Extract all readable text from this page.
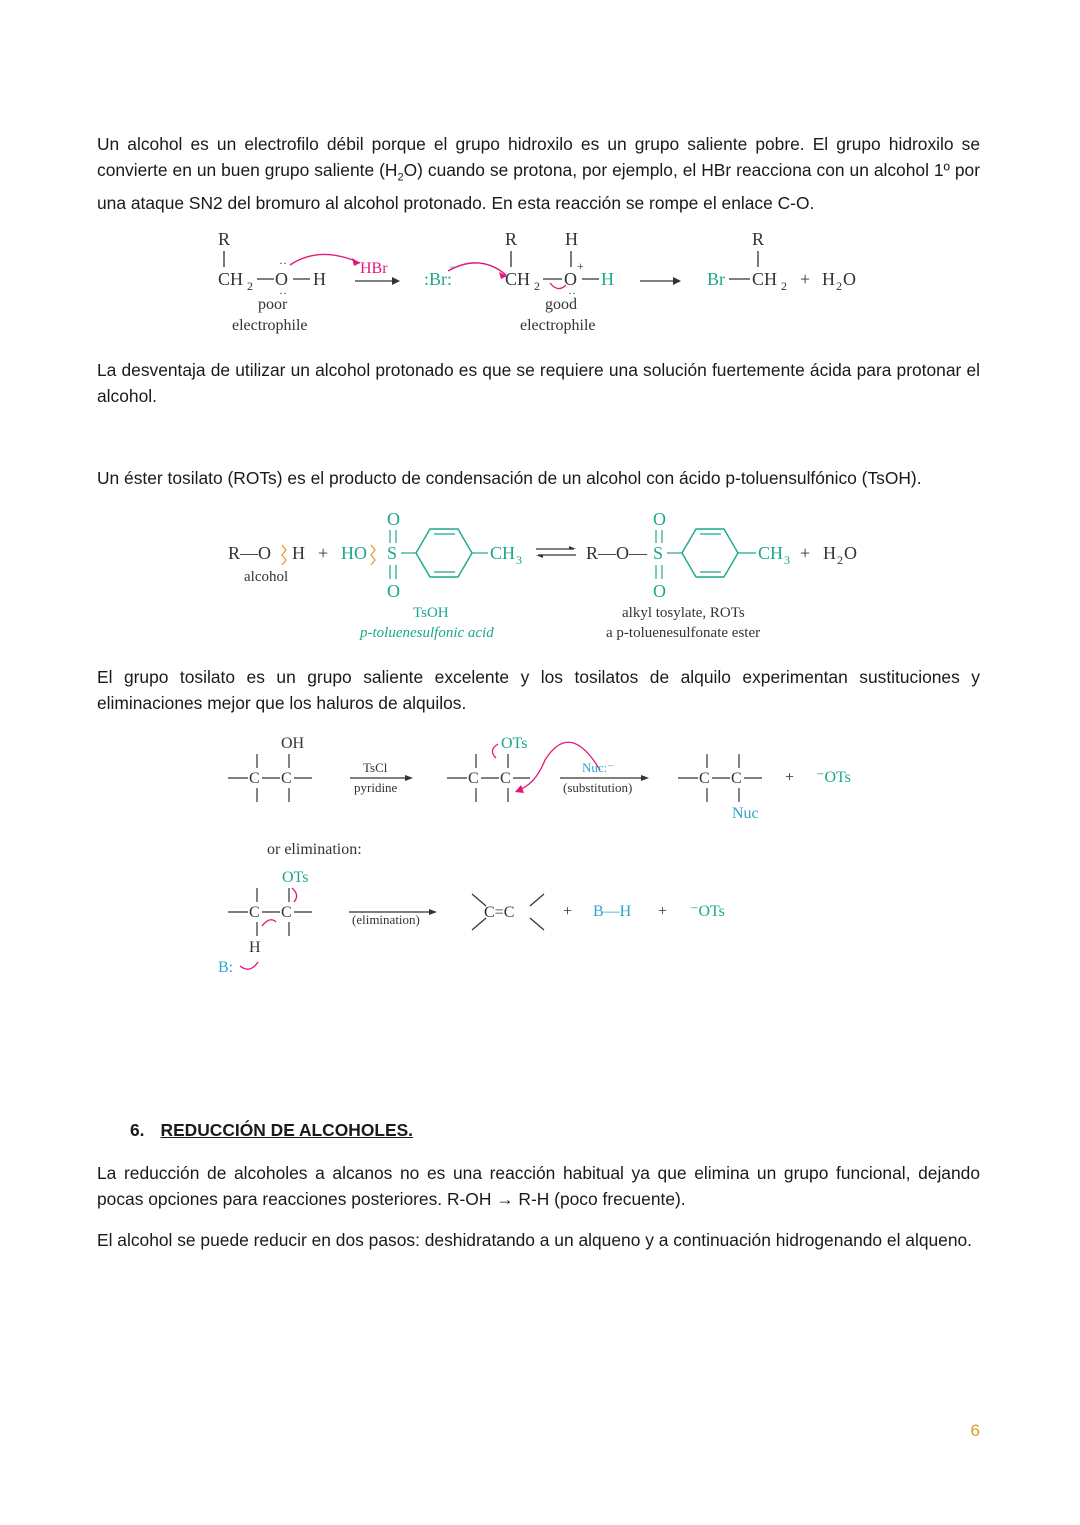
Un alcohol es un electrofilo débil porque el grupo hidroxilo es un grupo saliente pobre. El grupo hidroxilo se convierte en un buen grupo saliente $(H_2O)$ cuando se protona, por ejemplo, el HBr reacciona con un alcohol 1º por una ataque SN2 del bromuro al alcohol protonado. En esta reacción se rompe el enlace C-O.

R
CH 2 O
··
··
H
poor
electrophile
HBr
:Br:
−
R	H
CH 2 O
+
··
H
good
electrophile
R
Br CH 2 + H 2 O

La desventaja de utilizar un alcohol protonado es que se requiere una solución fuertemente ácida para protonar el alcohol.

Un éster tosilato (ROTs) es el producto de condensación de un alcohol con ácido p-toluensulfónico (TsOH).

R—O H
alcohol
+ HO S
O
O
CH 3	R—O— S
O
O
CH 3 + H 2 O
TsOH
p-toluenesulfonic acid
alkyl tosylate, ROTs
a p-toluenesulfonate ester

El grupo tosilato es un grupo saliente excelente y los tosilatos de alquilo experimentan sustituciones y eliminaciones mejor que los haluros de alquilos.

OH
C C
TsCl
pyridine
OTs
C C
Nuc:⁻
(substitution)
C C
Nuc
+ ⁻OTs
or elimination:
OTs
C C
H
B:
(elimination)	C=C	+ B—H + ⁻OTs
6. REDUCCIÓN DE ALCOHOLES.

La reducción de alcoholes a alcanos no es una reacción habitual ya que elimina un grupo funcional, dejando pocas opciones para reacciones posteriores. R-OH → R-H (poco frecuente).

El alcohol se puede reducir en dos pasos: deshidratando a un alqueno y a continuación hidrogenando el alqueno.

6
